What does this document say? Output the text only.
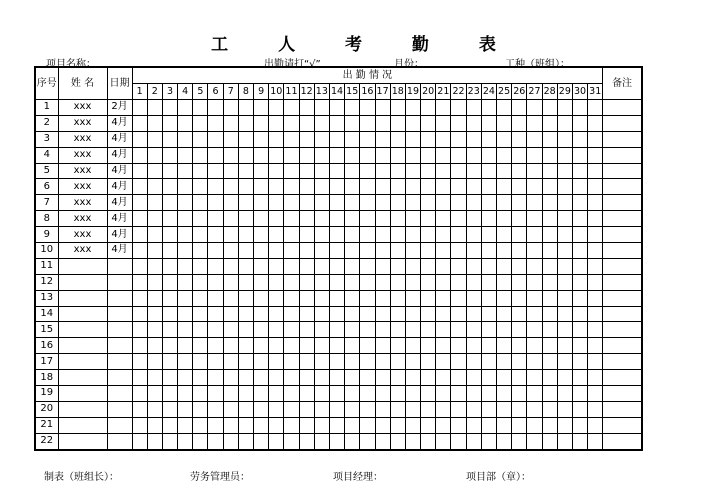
工 人 考 勤 表
项目名称：	出勤请打“√”	月份：	工种（班组）：
序号	姓 名	日期	出 勤 情 况																															备注
			1	2	3	4	5	6	7	8	9	10	11	12	13	14	15	16	17	18	19	20	21	22	23	24	25	26	27	28	29	30	31	
1	xxx	2月																																
2	xxx	4月																																
3	xxx	4月																																
4	xxx	4月																																
5	xxx	4月																																
6	xxx	4月																																
7	xxx	4月																																
8	xxx	4月																																
9	xxx	4月																																
10	xxx	4月																																
11																																		
12																																		
13																																		
14																																		
15																																		
16																																		
17																																		
18																																		
19																																		
20																																		
21																																		
22																																		
制表（班组长）：	劳务管理员：	项目经理：	项目部（章）：
